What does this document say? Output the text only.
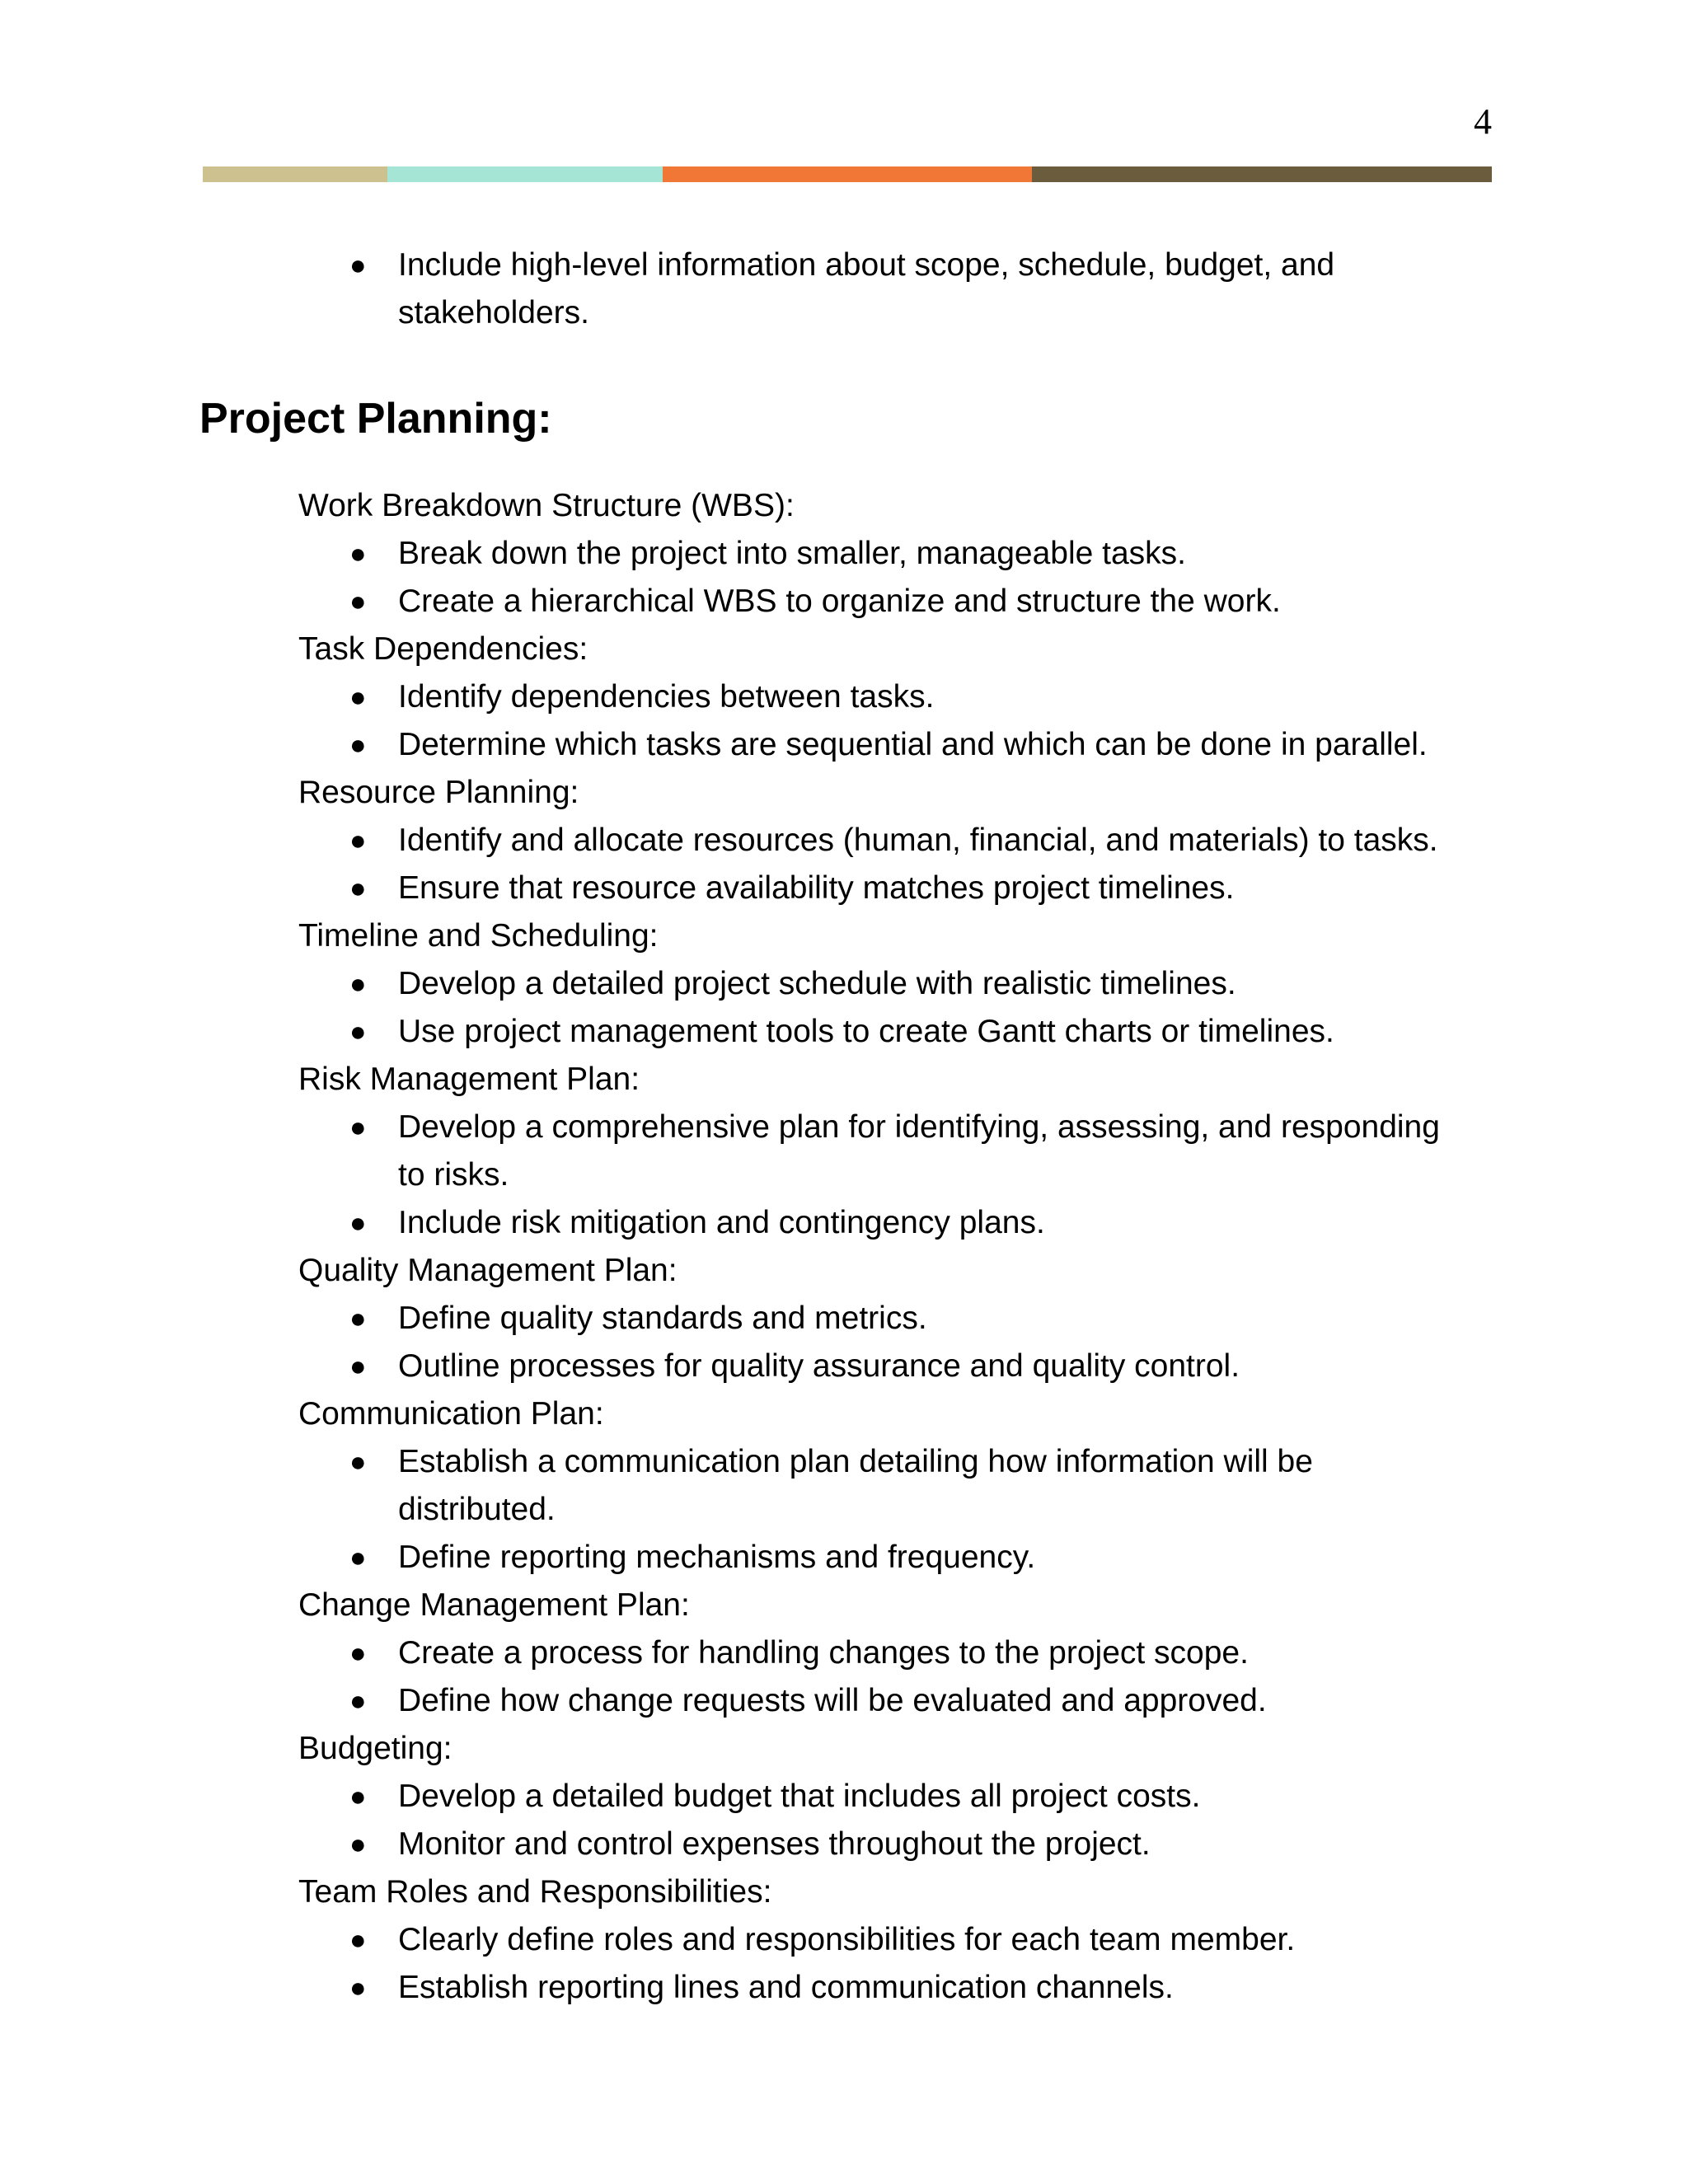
4
● Include high-level information about scope, schedule, budget, and
stakeholders.
Project Planning:
Work Breakdown Structure (WBS):
● Break down the project into smaller, manageable tasks.
● Create a hierarchical WBS to organize and structure the work.
Task Dependencies:
● Identify dependencies between tasks.
● Determine which tasks are sequential and which can be done in parallel.
Resource Planning:
● Identify and allocate resources (human, financial, and materials) to tasks.
● Ensure that resource availability matches project timelines.
Timeline and Scheduling:
● Develop a detailed project schedule with realistic timelines.
● Use project management tools to create Gantt charts or timelines.
Risk Management Plan:
● Develop a comprehensive plan for identifying, assessing, and responding
to risks.
● Include risk mitigation and contingency plans.
Quality Management Plan:
● Define quality standards and metrics.
● Outline processes for quality assurance and quality control.
Communication Plan:
● Establish a communication plan detailing how information will be
distributed.
● Define reporting mechanisms and frequency.
Change Management Plan:
● Create a process for handling changes to the project scope.
● Define how change requests will be evaluated and approved.
Budgeting:
● Develop a detailed budget that includes all project costs.
● Monitor and control expenses throughout the project.
Team Roles and Responsibilities:
● Clearly define roles and responsibilities for each team member.
● Establish reporting lines and communication channels.
